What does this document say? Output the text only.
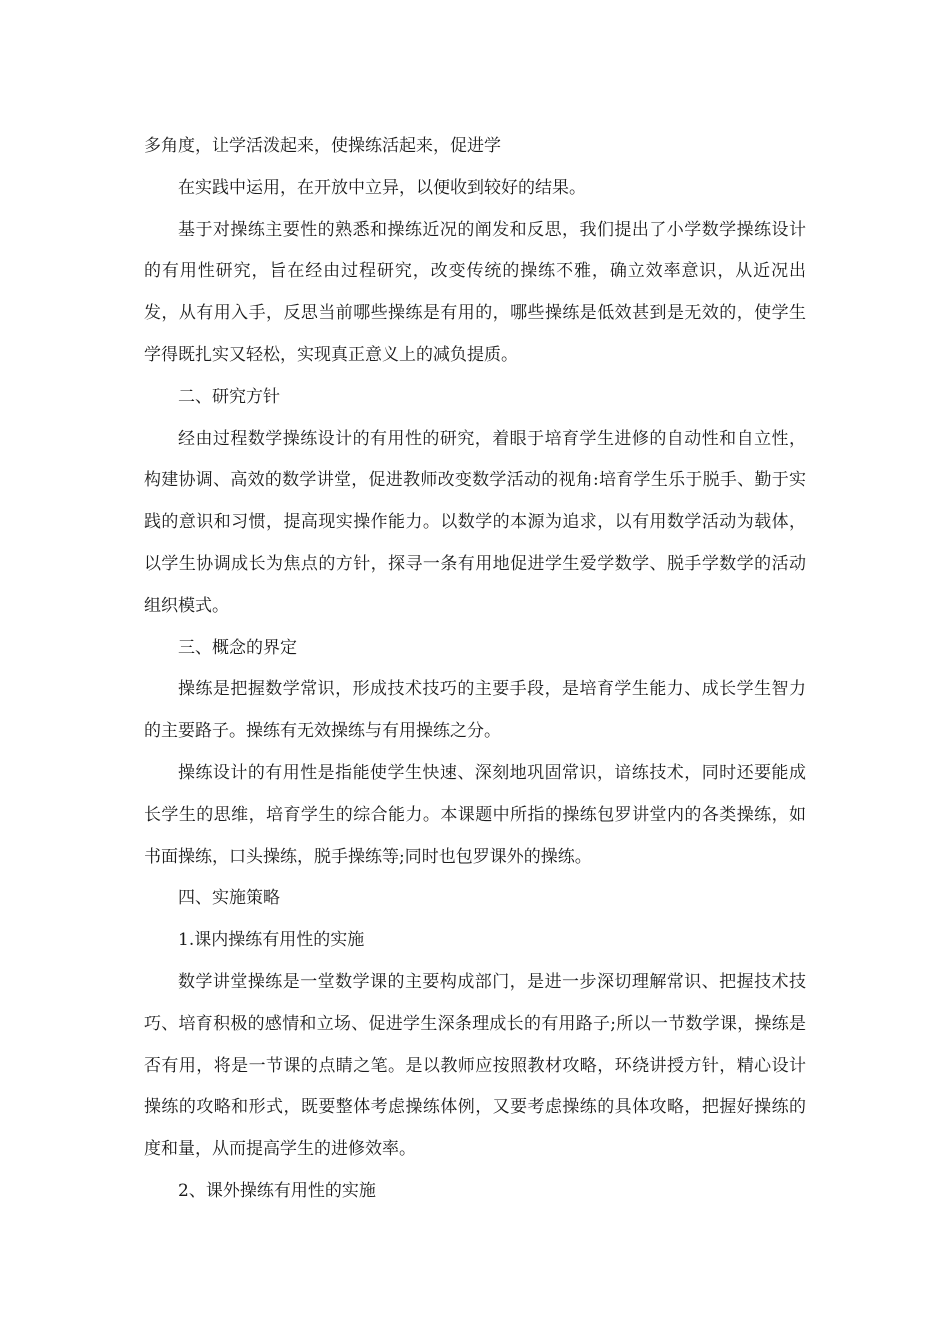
多角度，让学活泼起来，使操练活起来，促进学

在实践中运用，在开放中立异，以便收到较好的结果。

基于对操练主要性的熟悉和操练近况的阐发和反思，我们提出了小学数学操练设计的有用性研究，旨在经由过程研究，改变传统的操练不雅，确立效率意识，从近况出发，从有用入手，反思当前哪些操练是有用的，哪些操练是低效甚到是无效的，使学生学得既扎实又轻松，实现真正意义上的减负提质。

二、研究方针

经由过程数学操练设计的有用性的研究，着眼于培育学生进修的自动性和自立性，构建协调、高效的数学讲堂，促进教师改变数学活动的视角:培育学生乐于脱手、勤于实践的意识和习惯，提高现实操作能力。以数学的本源为追求，以有用数学活动为载体，以学生协调成长为焦点的方针，探寻一条有用地促进学生爱学数学、脱手学数学的活动组织模式。

三、概念的界定

操练是把握数学常识，形成技术技巧的主要手段，是培育学生能力、成长学生智力的主要路子。操练有无效操练与有用操练之分。

操练设计的有用性是指能使学生快速、深刻地巩固常识，谙练技术，同时还要能成长学生的思维，培育学生的综合能力。本课题中所指的操练包罗讲堂内的各类操练，如书面操练，口头操练，脱手操练等;同时也包罗课外的操练。

四、实施策略

1.课内操练有用性的实施

数学讲堂操练是一堂数学课的主要构成部门，是进一步深切理解常识、把握技术技巧、培育积极的感情和立场、促进学生深条理成长的有用路子;所以一节数学课，操练是否有用，将是一节课的点睛之笔。是以教师应按照教材攻略，环绕讲授方针，精心设计操练的攻略和形式，既要整体考虑操练体例，又要考虑操练的具体攻略，把握好操练的度和量，从而提高学生的进修效率。

2、课外操练有用性的实施
